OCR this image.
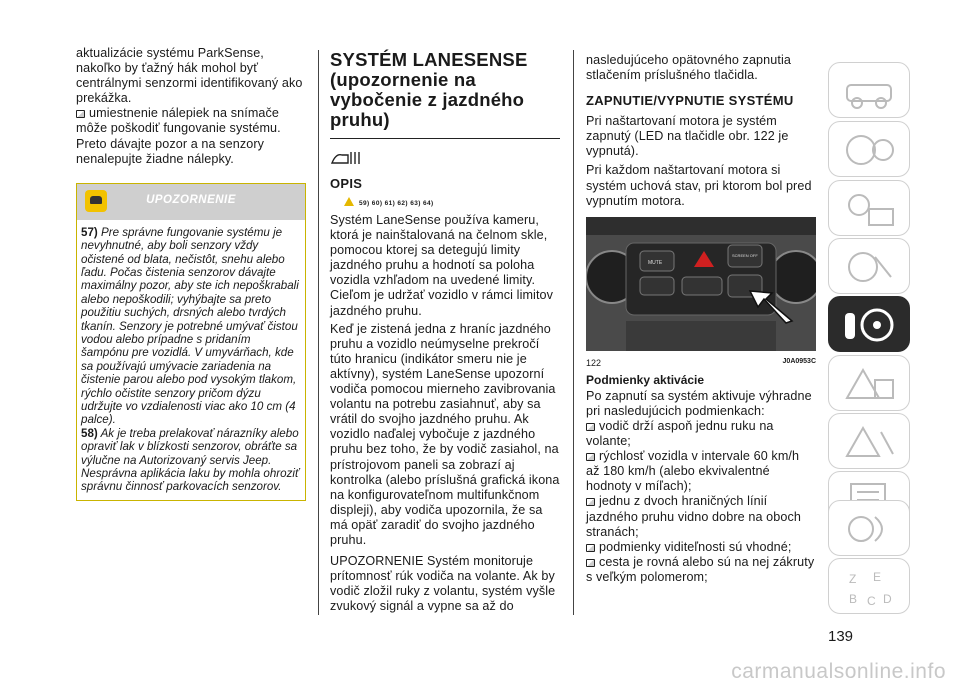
aktualizácie systému ParkSense, nakoľko by ťažný hák mohol byť centrálnymi senzormi identifikovaný ako prekážka.

umiestnenie nálepiek na snímače môže poškodiť fungovanie systému. Preto dávajte pozor a na senzory nenalepujte žiadne nálepky.

UPOZORNENIE
57) Pre správne fungovanie systému je nevyhnutné, aby boli senzory vždy očistené od blata, nečistôt, snehu alebo ľadu. Počas čistenia senzorov dávajte maximálny pozor, aby ste ich nepoškrabali alebo nepoškodili; vyhýbajte sa preto použitiu suchých, drsných alebo tvrdých tkanín. Senzory je potrebné umývať čistou vodou alebo prípadne s pridaním šampónu pre vozidlá. V umyvárňach, kde sa používajú umývacie zariadenia na čistenie parou alebo pod vysokým tlakom, rýchlo očistite senzory pričom dýzu udržujte vo vzdialenosti viac ako 10 cm (4 palce).
58) Ak je treba prelakovať nárazníky alebo opraviť lak v blízkosti senzorov, obráťte sa výlučne na Autorizovaný servis Jeep. Nesprávna aplikácia laku by mohla ohroziť správnu činnosť parkovacích senzorov.
SYSTÉM LANESENSE (upozornenie na vybočenie z jazdného pruhu)
OPIS
59) 60) 61) 62) 63) 64)

Systém LaneSense používa kameru, ktorá je nainštalovaná na čelnom skle, pomocou ktorej sa deteguj̇ú limity jazdného pruhu a hodnotí sa poloha vozidla vzhľadom na uvedené limity. Cieľom je udržať vozidlo v rámci limitov jazdného pruhu.

Keď je zistená jedna z hraníc jazdného pruhu a vozidlo neúmyselne prekročí túto hranicu (indikátor smeru nie je aktívny), systém LaneSense upozorní vodiča pomocou mierneho zavibrovania volantu na potrebu zasiahnuť, aby sa vrátil do svojho jazdného pruhu. Ak vozidlo naďalej vybočuje z jazdného pruhu bez toho, že by vodič zasiahol, na prístrojovom paneli sa zobrazí aj kontrolka (alebo príslušná grafická ikona na konfigurovateľnom multifunkčnom displeji), aby vodiča upozornila, že sa má opäť zaradiť do svojho jazdného pruhu.

UPOZORNENIE Systém monitoruje prítomnosť rúk vodiča na volante. Ak by vodič zložil ruky z volantu, systém vyšle zvukový signál a vypne sa až do

nasledujúceho opätovného zapnutia stlačením príslušného tlačidla.

ZAPNUTIE/VYPNUTIE SYSTÉMU

Pri naštartovaní motora je systém zapnutý (LED na tlačidle obr. 122 je vypnutá).

Pri každom naštartovaní motora si systém uchová stav, pri ktorom bol pred vypnutím motora.

MUTE
SCREEN OFF
122	J0A0953C
Podmienky aktivácie

Po zapnutí sa systém aktivuje výhradne pri nasledujúcich podmienkach:

vodič drží aspoň jednu ruku na volante;

rýchlosť vozidla v intervale 60 km/h až 180 km/h (alebo ekvivalentné hodnoty v míľach);

jednu z dvoch hraničných línií jazdného pruhu vidno dobre na oboch stranách;

podmienky viditeľnosti sú vhodné;

cesta je rovná alebo sú na nej zákruty s veľkým polomerom;	Z E
B C D
139
carmanualsonline.info
